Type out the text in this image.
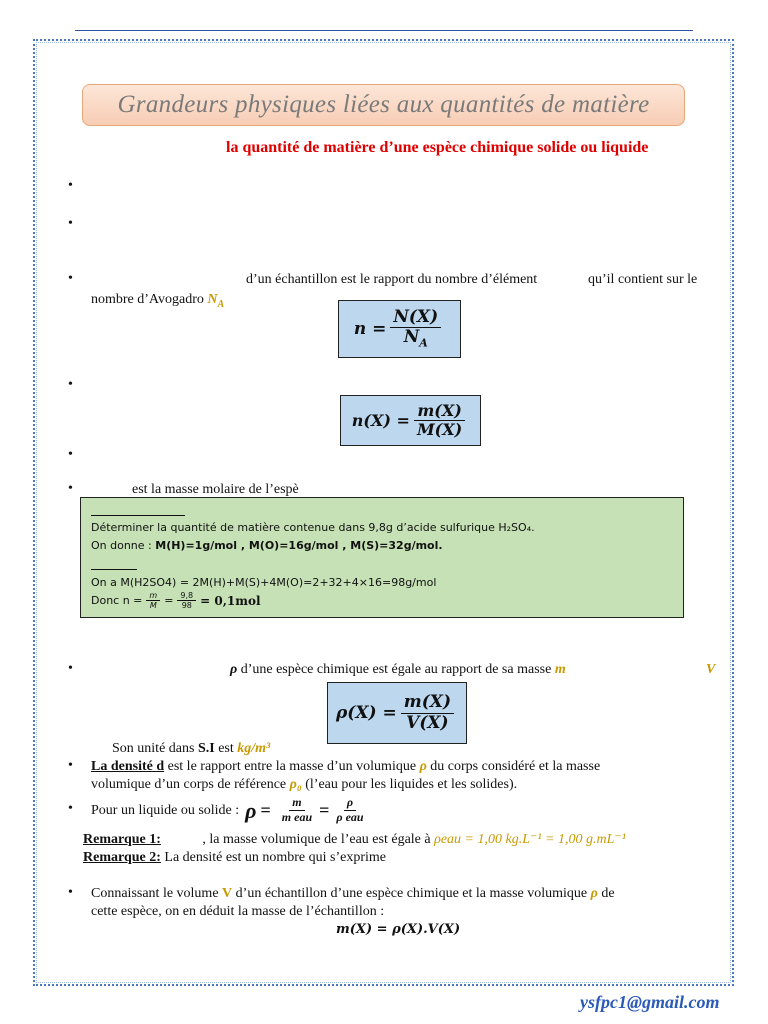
Grandeurs physiques liées aux quantités de matière
la quantité de matière d’une espèce chimique solide ou liquide
•
•
•	d’un échantillon est le rapport du nombre d’élément	qu’il contient sur le
nombre d’Avogadro $N_A$
$n = \frac{N(X)}{N_A}$
•
$n(X) = \frac{m(X)}{M(X)}$
•
•	est la masse molaire de l’espè
Déterminer la quantité de matière contenue dans 9,8g d’acide sulfurique H₂SO₄.
On donne : M(H)=1g/mol , M(O)=16g/mol , M(S)=32g/mol.
On a M(H2SO4) = 2M(H)+M(S)+4M(O)=2+32+4×16=98g/mol
Donc $n = \frac{m}{M} = \frac{9,8}{98} = 0,1mol$
•	ρ d’une espèce chimique est égale au rapport de sa masse m	V
$\rho(X) = \frac{m(X)}{V(X)}$
Son unité dans S.I est kg/m³
• La densité d est le rapport entre la masse d’un volumique ρ du corps considéré et la masse
volumique d’un corps de référence ρ₀ (l’eau pour les liquides et les solides).
• Pour un liquide ou solide : $\rho = \frac{m}{\text{m eau}} = \frac{\rho}{\text{ρ eau}}$
Remarque 1:	, la masse volumique de l’eau est égale à ρeau = 1,00 kg.L⁻¹ = 1,00 g.mL⁻¹
Remarque 2: La densité est un nombre qui s’exprime
• Connaissant le volume V d’un échantillon d’une espèce chimique et la masse volumique ρ de
cette espèce, on en déduit la masse de l’échantillon :
m(X) = ρ(X).V(X)
ysfpc1@gmail.com
